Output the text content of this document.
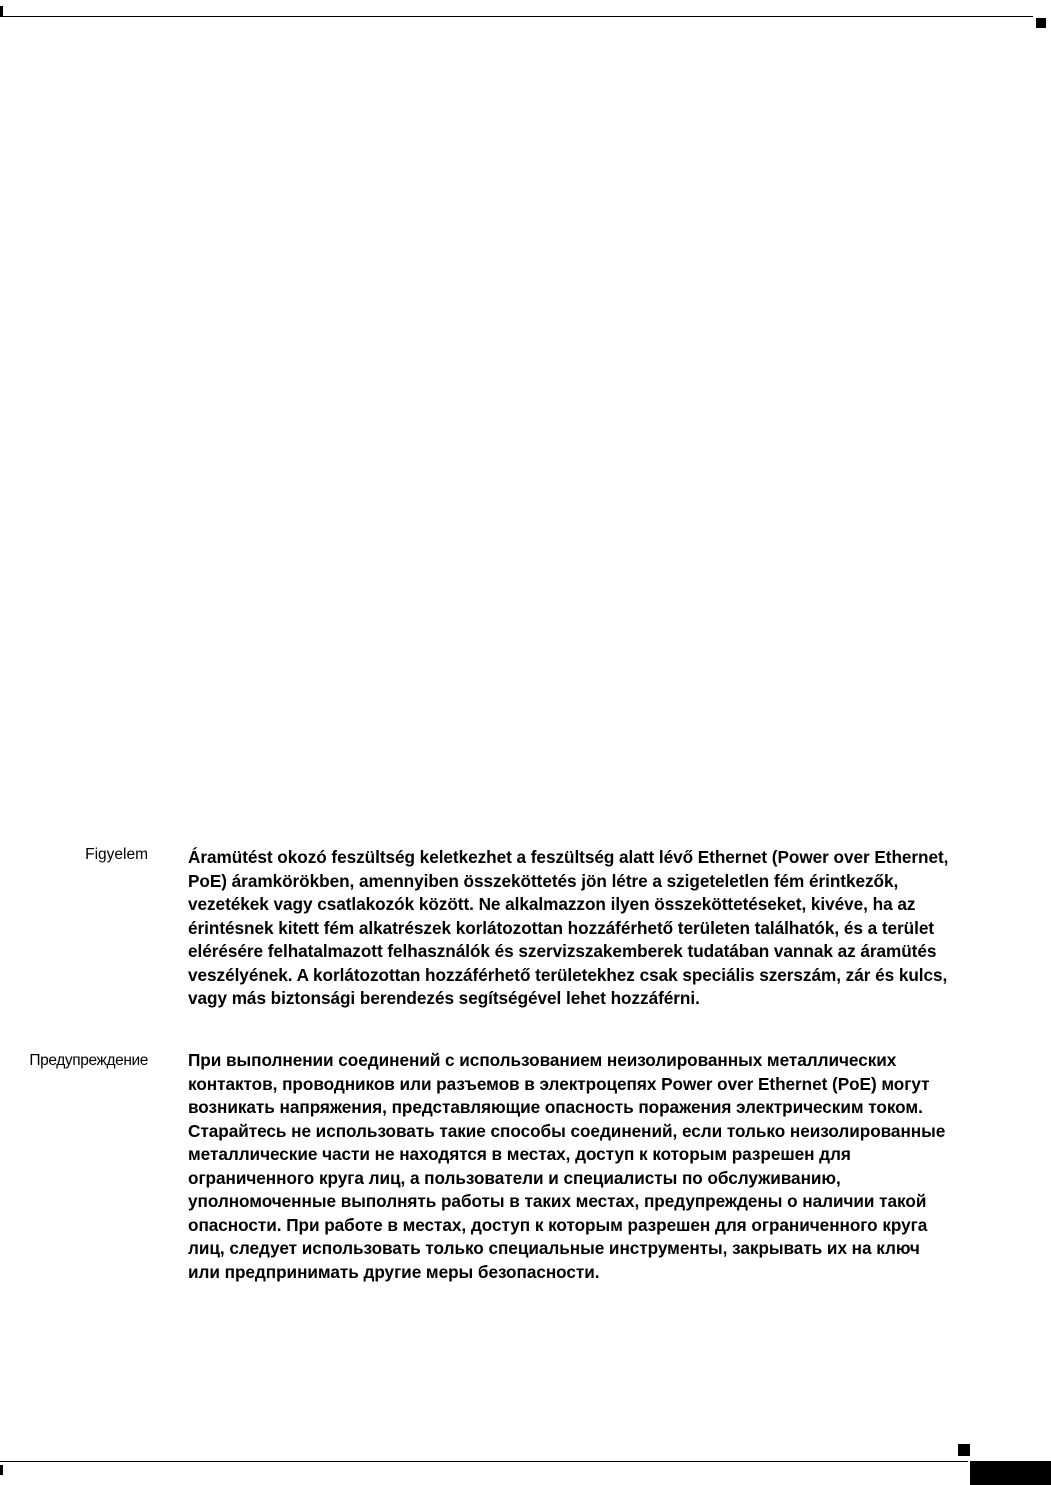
Figyelem Áramütést okozó feszültség keletkezhet a feszültség alatt lévő Ethernet (Power over Ethernet,
PoE) áramkörökben, amennyiben összeköttetés jön létre a szigeteletlen fém érintkezők,
vezetékek vagy csatlakozók között. Ne alkalmazzon ilyen összeköttetéseket, kivéve, ha az
érintésnek kitett fém alkatrészek korlátozottan hozzáférhető területen találhatók, és a terület
elérésére felhatalmazott felhasználók és szervizszakemberek tudatában vannak az áramütés
veszélyének. A korlátozottan hozzáférhető területekhez csak speciális szerszám, zár és kulcs,
vagy más biztonsági berendezés segítségével lehet hozzáférni.
Предупреждение При выполнении соединений с использованием неизолированных металлических
контактов, проводников или разъемов в электроцепях Power over Ethernet (PoE) могут
возникать напряжения, представляющие опасность поражения электрическим током.
Старайтесь не использовать такие способы соединений, если только неизолированные
металлические части не находятся в местах, доступ к которым разрешен для
ограниченного круга лиц, а пользователи и специалисты по обслуживанию,
уполномоченные выполнять работы в таких местах, предупреждены о наличии такой
опасности. При работе в местах, доступ к которым разрешен для ограниченного круга
лиц, следует использовать только специальные инструменты, закрывать их на ключ
или предпринимать другие меры безопасности.
